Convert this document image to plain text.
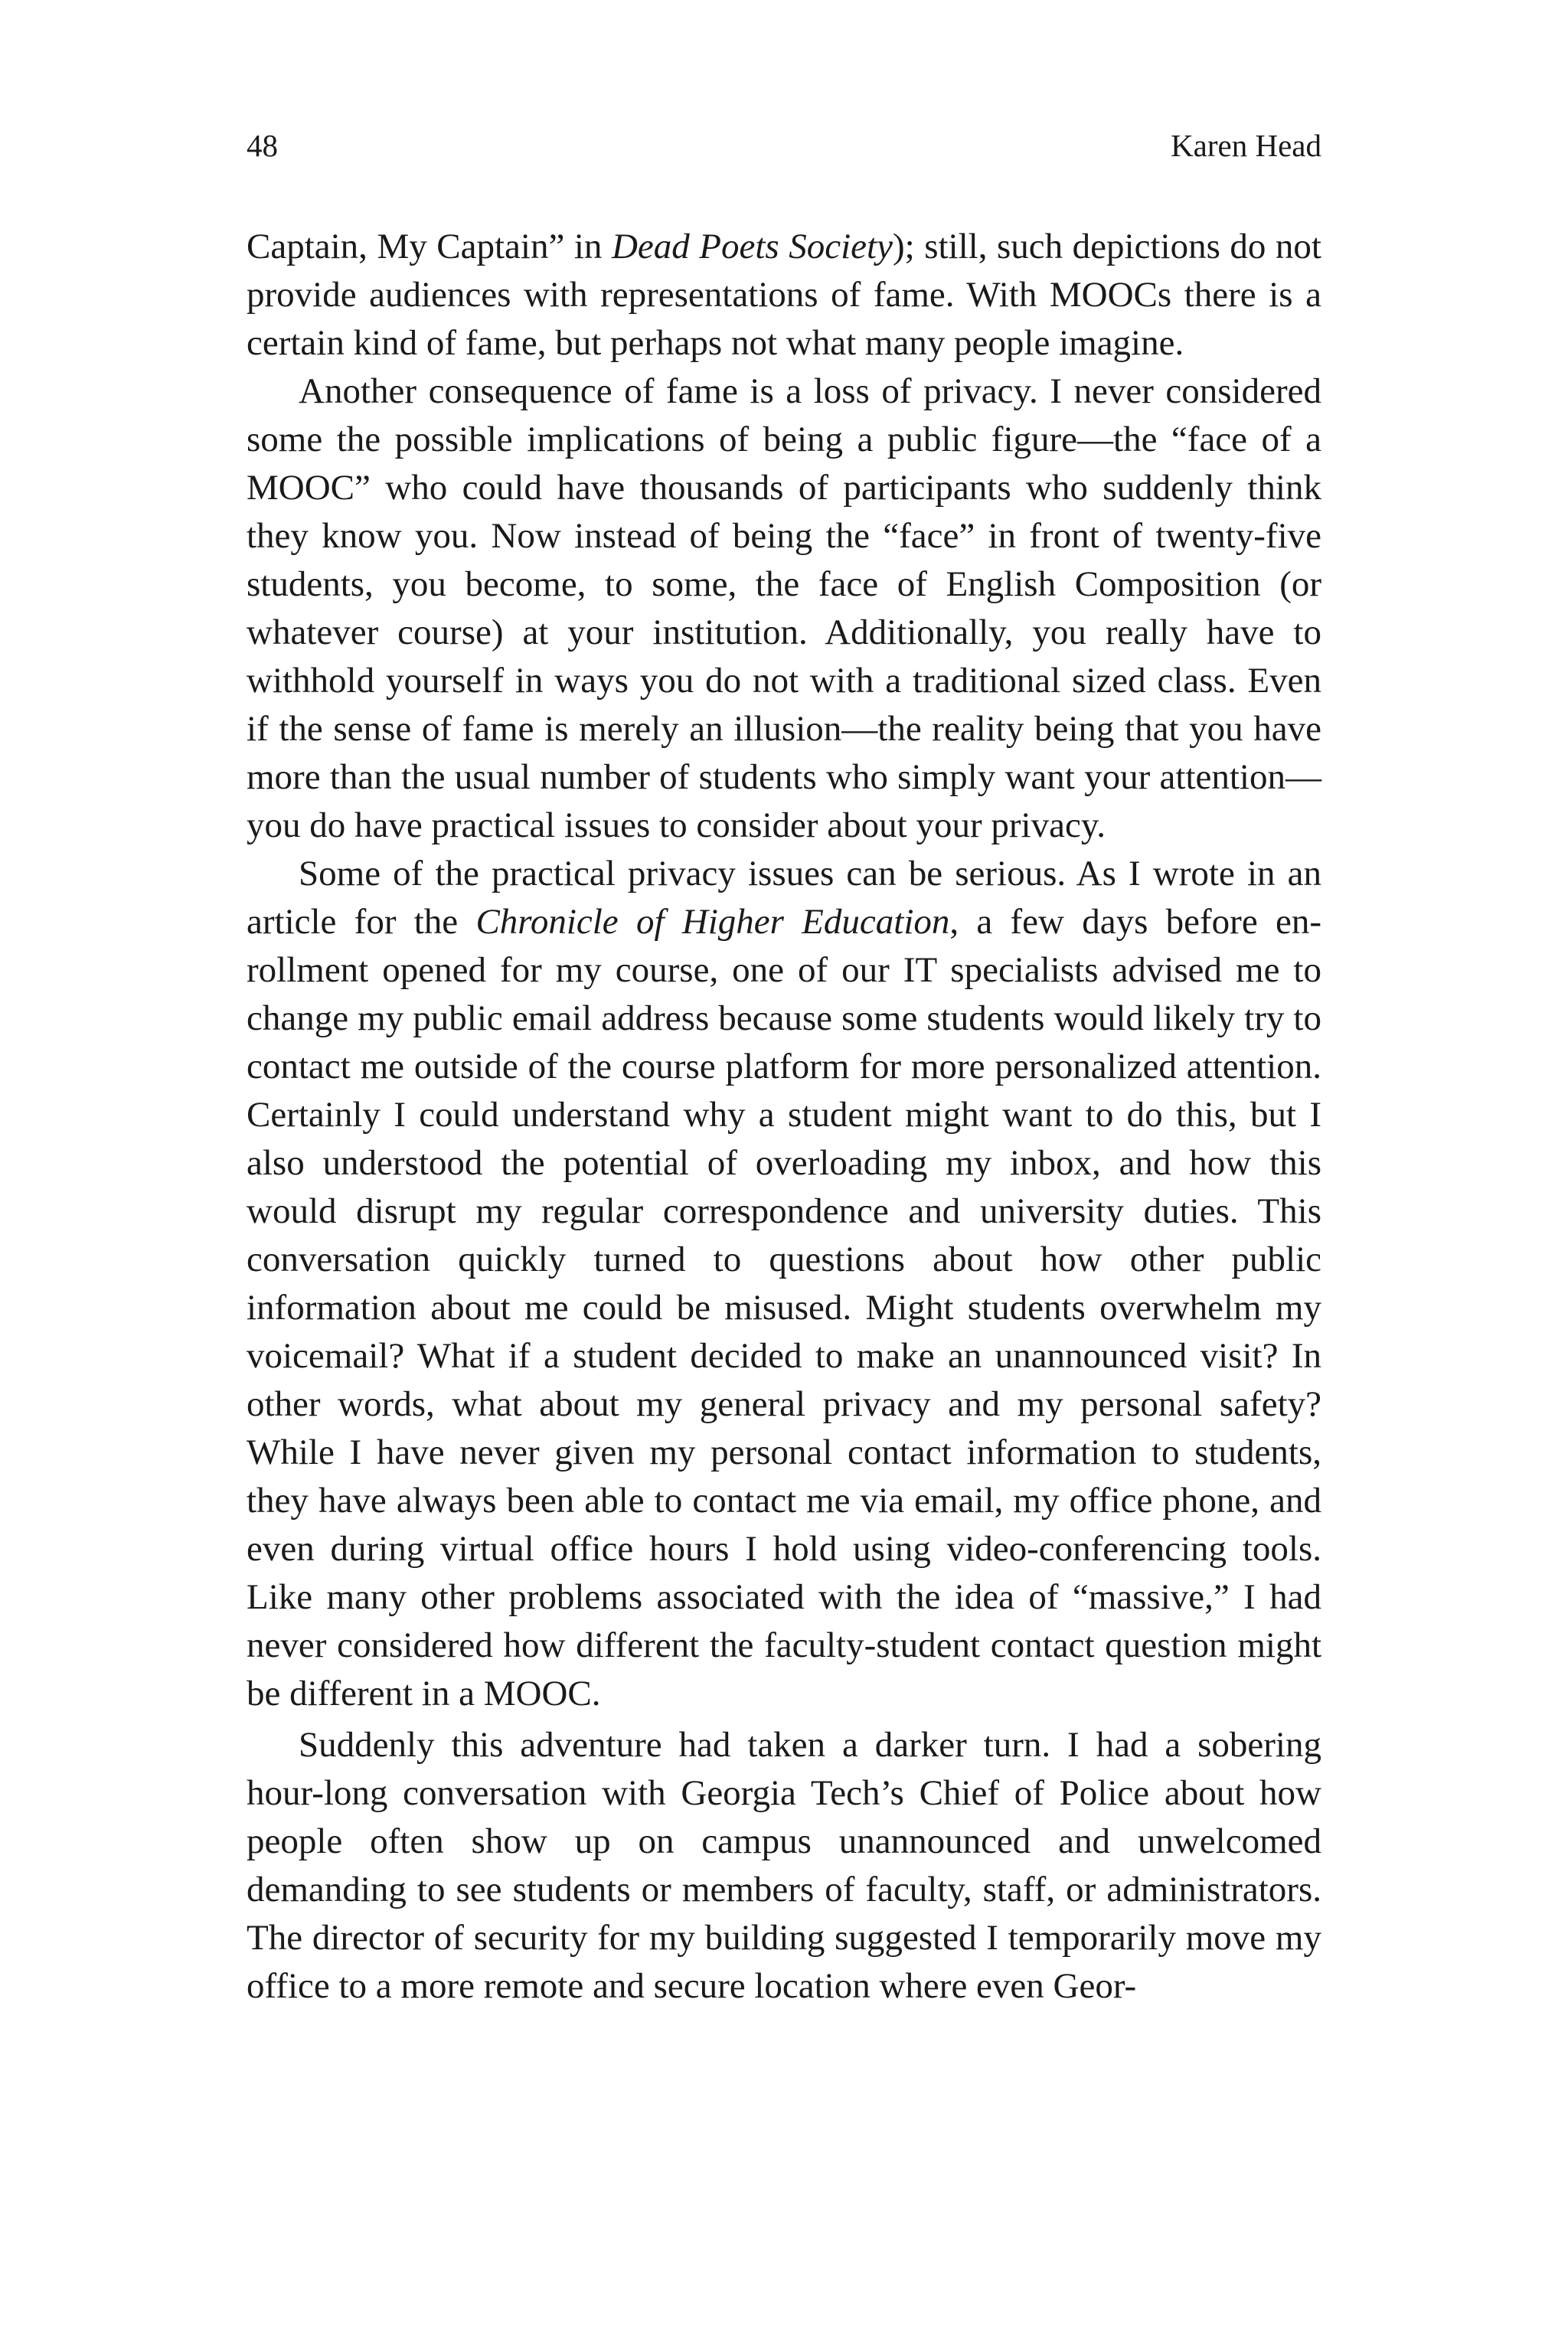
48	Karen Head

Captain, My Captain” in Dead Poets Society); still, such depictions do not provide audiences with representations of fame. With MOOCs there is a certain kind of fame, but perhaps not what many people imagine.

Another consequence of fame is a loss of privacy. I never considered some the possible implications of being a public figure—the “face of a MOOC” who could have thousands of participants who suddenly think they know you. Now instead of being the “face” in front of twenty-five students, you become, to some, the face of English Composition (or whatever course) at your institution. Additionally, you really have to withhold yourself in ways you do not with a traditional sized class. Even if the sense of fame is merely an illusion—the reality being that you have more than the usual number of students who simply want your attention—you do have practical issues to consider about your privacy.

Some of the practical privacy issues can be serious. As I wrote in an article for the Chronicle of Higher Education, a few days before enrollment opened for my course, one of our IT specialists advised me to change my public email address because some students would likely try to contact me outside of the course platform for more personalized attention. Certainly I could understand why a student might want to do this, but I also understood the potential of overloading my inbox, and how this would disrupt my regular correspondence and university duties. This conversation quickly turned to questions about how other public information about me could be misused. Might students overwhelm my voicemail? What if a student decided to make an unannounced visit? In other words, what about my general privacy and my personal safety? While I have never given my personal contact information to students, they have always been able to contact me via email, my office phone, and even during virtual office hours I hold using video-conferencing tools. Like many other problems associated with the idea of “massive,” I had never considered how different the faculty-student contact question might be different in a MOOC.

Suddenly this adventure had taken a darker turn. I had a sobering hour-long conversation with Georgia Tech’s Chief of Police about how people often show up on campus unannounced and unwelcomed demanding to see students or members of faculty, staff, or administrators. The director of security for my building suggested I temporarily move my office to a more remote and secure location where even Geor-
